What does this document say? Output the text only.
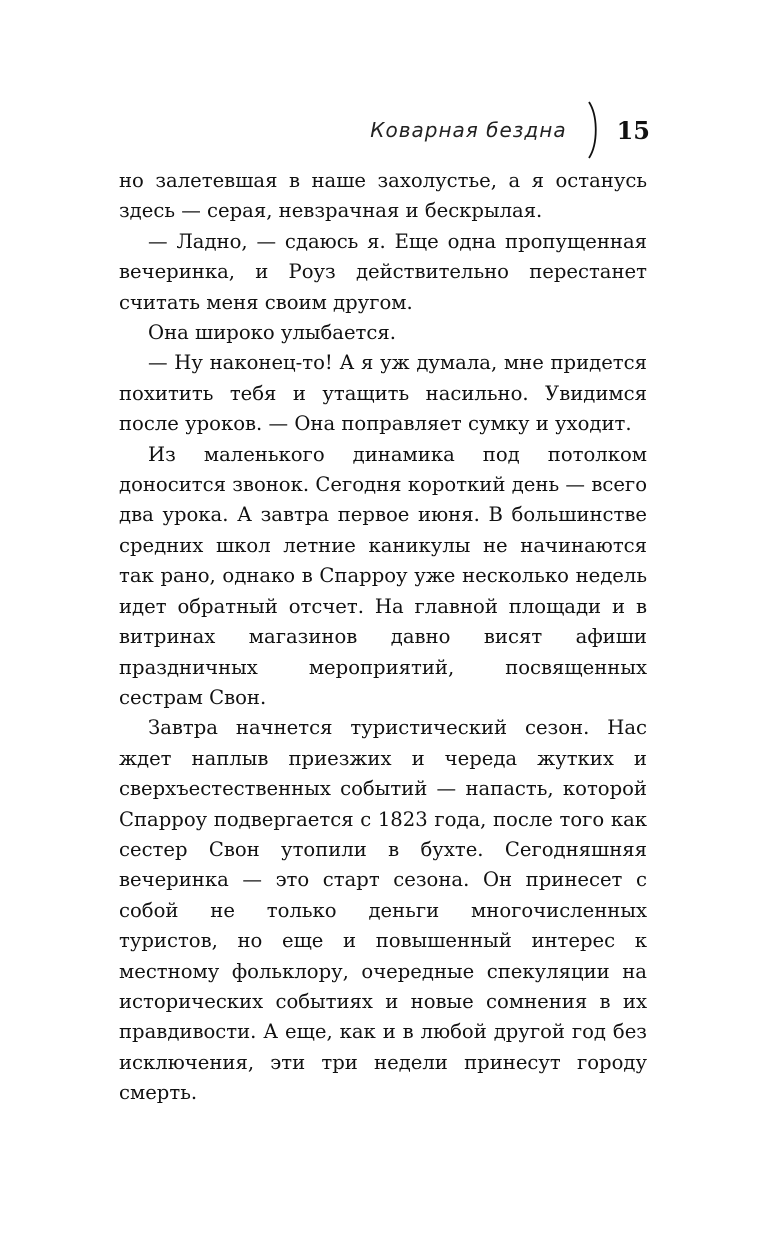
Коварная бездна 15

но залетевшая в наше захолустье, а я останусь здесь — серая, невзрачная и бескрылая.

— Ладно, — сдаюсь я. Еще одна пропущенная вечеринка, и Роуз действительно перестанет считать меня своим другом.

Она широко улыбается.

— Ну наконец-то! А я уж думала, мне придется похитить тебя и утащить насильно. Увидимся после уроков. — Она поправляет сумку и уходит.

Из маленького динамика под потолком доносится звонок. Сегодня короткий день — всего два урока. А завтра первое июня. В большинстве средних школ летние каникулы не начинаются так рано, однако в Спарроу уже несколько недель идет обратный отсчет. На главной площади и в витринах магазинов давно висят афиши праздничных мероприятий, посвященных сестрам Свон.

Завтра начнется туристический сезон. Нас ждет наплыв приезжих и череда жутких и сверхъестественных событий — напасть, которой Спарроу подвергается с 1823 года, после того как сестер Свон утопили в бухте. Сегодняшняя вечеринка — это старт сезона. Он принесет с собой не только деньги многочисленных туристов, но еще и повышенный интерес к местному фольклору, очередные спекуляции на исторических событиях и новые сомнения в их правдивости. А еще, как и в любой другой год без исключения, эти три недели принесут городу смерть.
